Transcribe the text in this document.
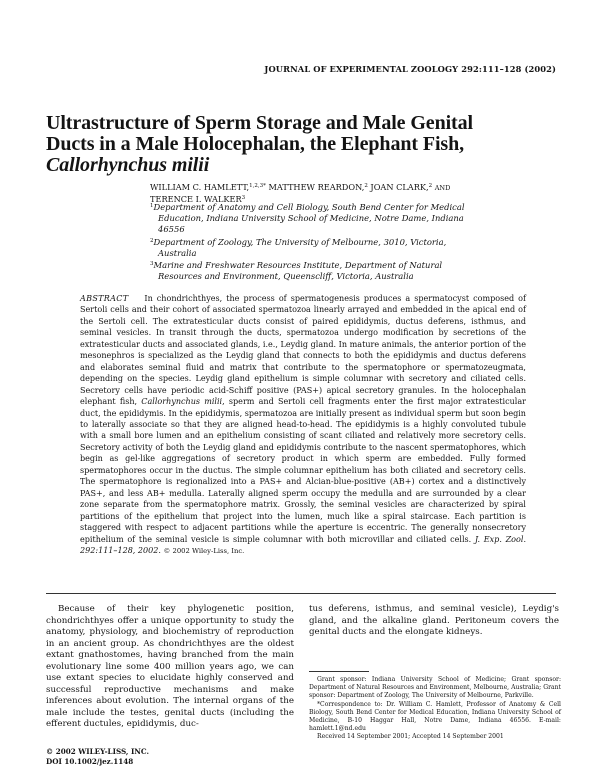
JOURNAL OF EXPERIMENTAL ZOOLOGY 292:111–128 (2002)
Ultrastructure of Sperm Storage and Male Genital
Ducts in a Male Holocephalan, the Elephant Fish,
Callorhynchus milii
WILLIAM C. HAMLETT,$^{1,2,3*}$ MATTHEW REARDON,$^2$ JOAN CLARK,$^2$ AND
TERENCE I. WALKER$^3$
$^1$Department of Anatomy and Cell Biology, South Bend Center for Medical
Education, Indiana University School of Medicine, Notre Dame, Indiana
46556
$^2$Department of Zoology, The University of Melbourne, 3010, Victoria,
Australia
$^3$Marine and Freshwater Resources Institute, Department of Natural
Resources and Environment, Queenscliff, Victoria, Australia
ABSTRACT In chondrichthyes, the process of spermatogenesis produces a spermatocyst composed of Sertoli cells and their cohort of associated spermatozoa linearly arrayed and embedded in the apical end of the Sertoli cell. The extratesticular ducts consist of paired epididymis, ductus deferens, isthmus, and seminal vesicles. In transit through the ducts, spermatozoa undergo modification by secretions of the extratesticular ducts and associated glands, i.e., Leydig gland. In mature animals, the anterior portion of the mesonephros is specialized as the Leydig gland that connects to both the epididymis and ductus deferens and elaborates seminal fluid and matrix that contribute to the spermatophore or spermatozeugmata, depending on the species. Leydig gland epithelium is simple columnar with secretory and ciliated cells. Secretory cells have periodic acid-Schiff positive (PAS+) apical secretory granules. In the holocephalan elephant fish, Callorhynchus milii, sperm and Sertoli cell fragments enter the first major extratesticular duct, the epididymis. In the epididymis, spermatozoa are initially present as individual sperm but soon begin to laterally associate so that they are aligned head-to-head. The epididymis is a highly convoluted tubule with a small bore lumen and an epithelium consisting of scant ciliated and relatively more secretory cells. Secretory activity of both the Leydig gland and epididymis contribute to the nascent spermatophores, which begin as gel-like aggregations of secretory product in which sperm are embedded. Fully formed spermatophores occur in the ductus. The simple columnar epithelium has both ciliated and secretory cells. The spermatophore is regionalized into a PAS+ and Alcian-blue-positive (AB+) cortex and a distinctively PAS+, and less AB+ medulla. Laterally aligned sperm occupy the medulla and are surrounded by a clear zone separate from the spermatophore matrix. Grossly, the seminal vesicles are characterized by spiral partitions of the epithelium that project into the lumen, much like a spiral staircase. Each partition is staggered with respect to adjacent partitions while the aperture is eccentric. The generally nonsecretory epithelium of the seminal vesicle is simple columnar with both microvillar and ciliated cells. J. Exp. Zool. 292:111–128, 2002. © 2002 Wiley-Liss, Inc.
Because of their key phylogenetic position, chondrichthyes offer a unique opportunity to study the anatomy, physiology, and biochemistry of reproduction in an ancient group. As chondrichthyes are the oldest extant gnathostomes, having branched from the main evolutionary line some 400 million years ago, we can use extant species to elucidate highly conserved and successful reproductive mechanisms and make inferences about evolution. The internal organs of the male include the testes, genital ducts (including the efferent ductules, epididymis, duc-
tus deferens, isthmus, and seminal vesicle), Leydig's gland, and the alkaline gland. Peritoneum covers the genital ducts and the elongate kidneys.

Grant sponsor: Indiana University School of Medicine; Grant sponsor: Department of Natural Resources and Environment, Melbourne, Australia; Grant sponsor: Department of Zoology, The University of Melbourne, Parkville.

*Correspondence to: Dr. William C. Hamlett, Professor of Anatomy & Cell Biology, South Bend Center for Medical Education, Indiana University School of Medicine, B-10 Haggar Hall, Notre Dame, Indiana 46556. E-mail: hamlett.1@nd.edu

Received 14 September 2001; Accepted 14 September 2001

© 2002 WILEY-LISS, INC.
DOI 10.1002/jez.1148
